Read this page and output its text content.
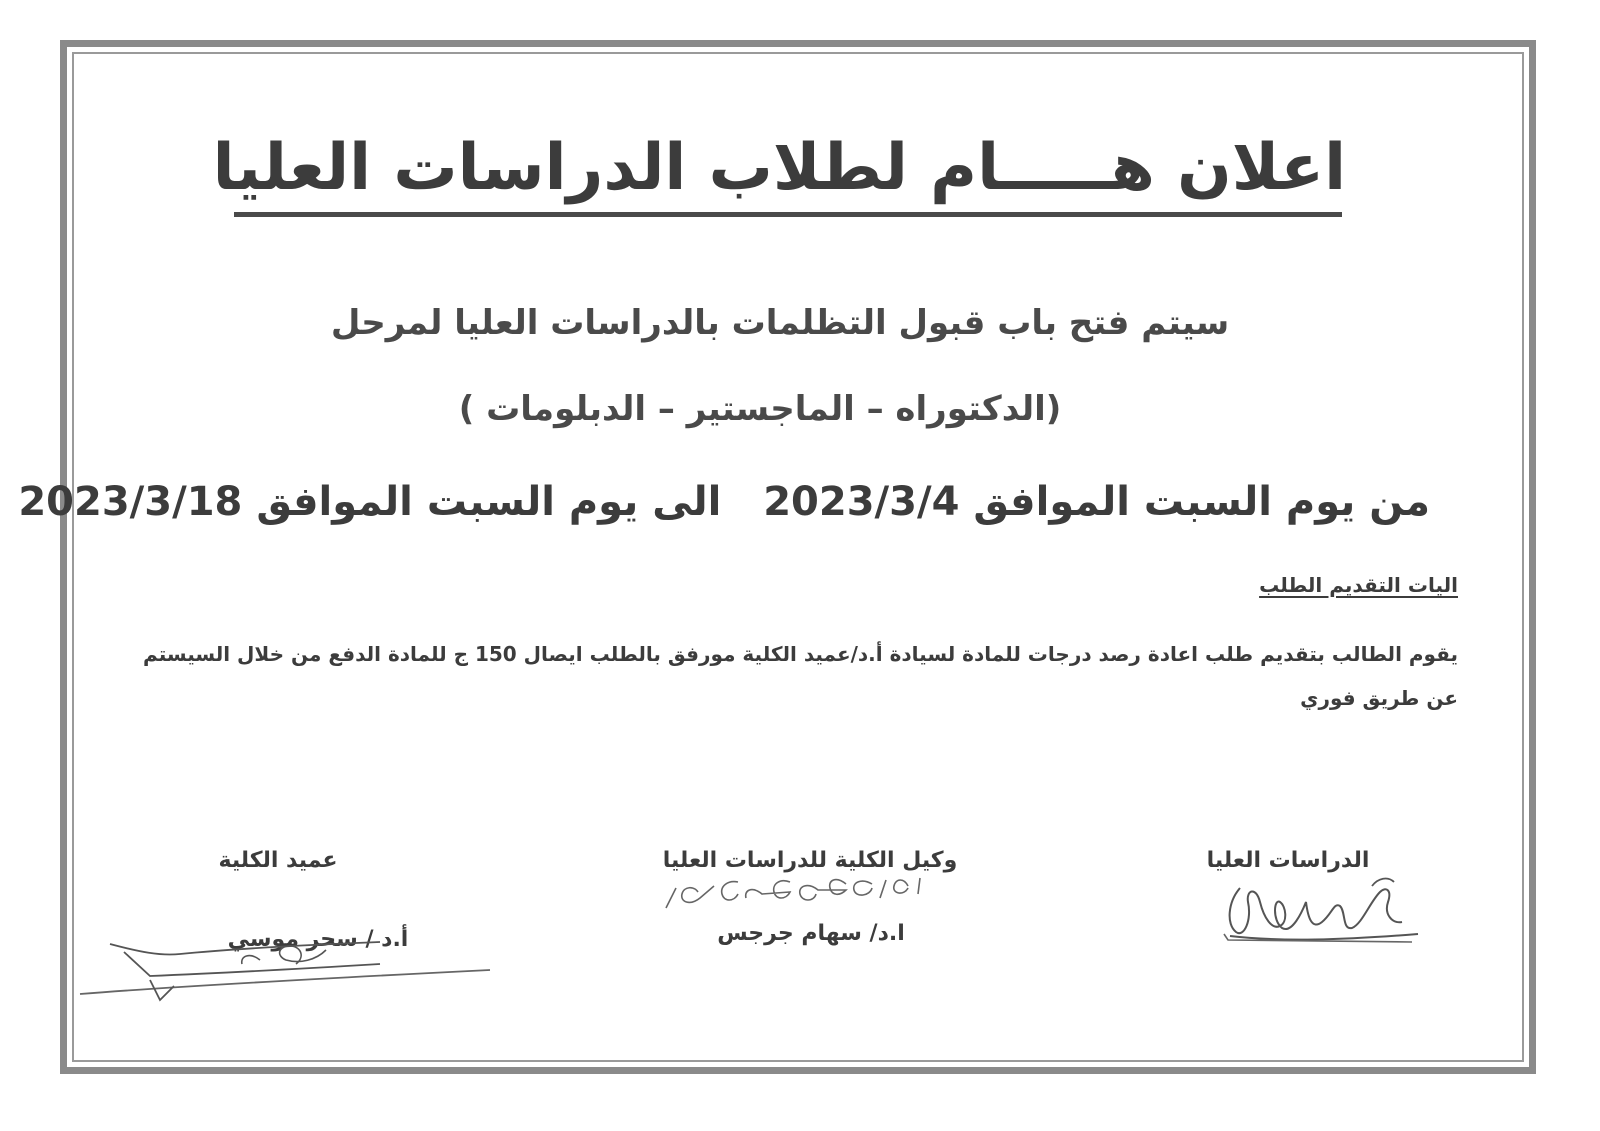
اعلان هـــــام لطلاب الدراسات العليا
سيتم فتح باب قبول التظلمات بالدراسات العليا لمرحل
(الدكتوراه – الماجستير – الدبلومات )
من يوم السبت الموافق 2023/3/4   الى يوم السبت الموافق 2023/3/18
اليات التقديم الطلب
يقوم الطالب بتقديم طلب اعادة رصد درجات للمادة لسيادة أ.د/عميد الكلية مورفق بالطلب ايصال 150 ج للمادة الدفع من خلال السيستم عن طريق فوري
الدراسات العليا
وكيل الكلية للدراسات العليا
عميد الكلية
ا.د/ سهام جرجس
أ.د / سحر موسي
